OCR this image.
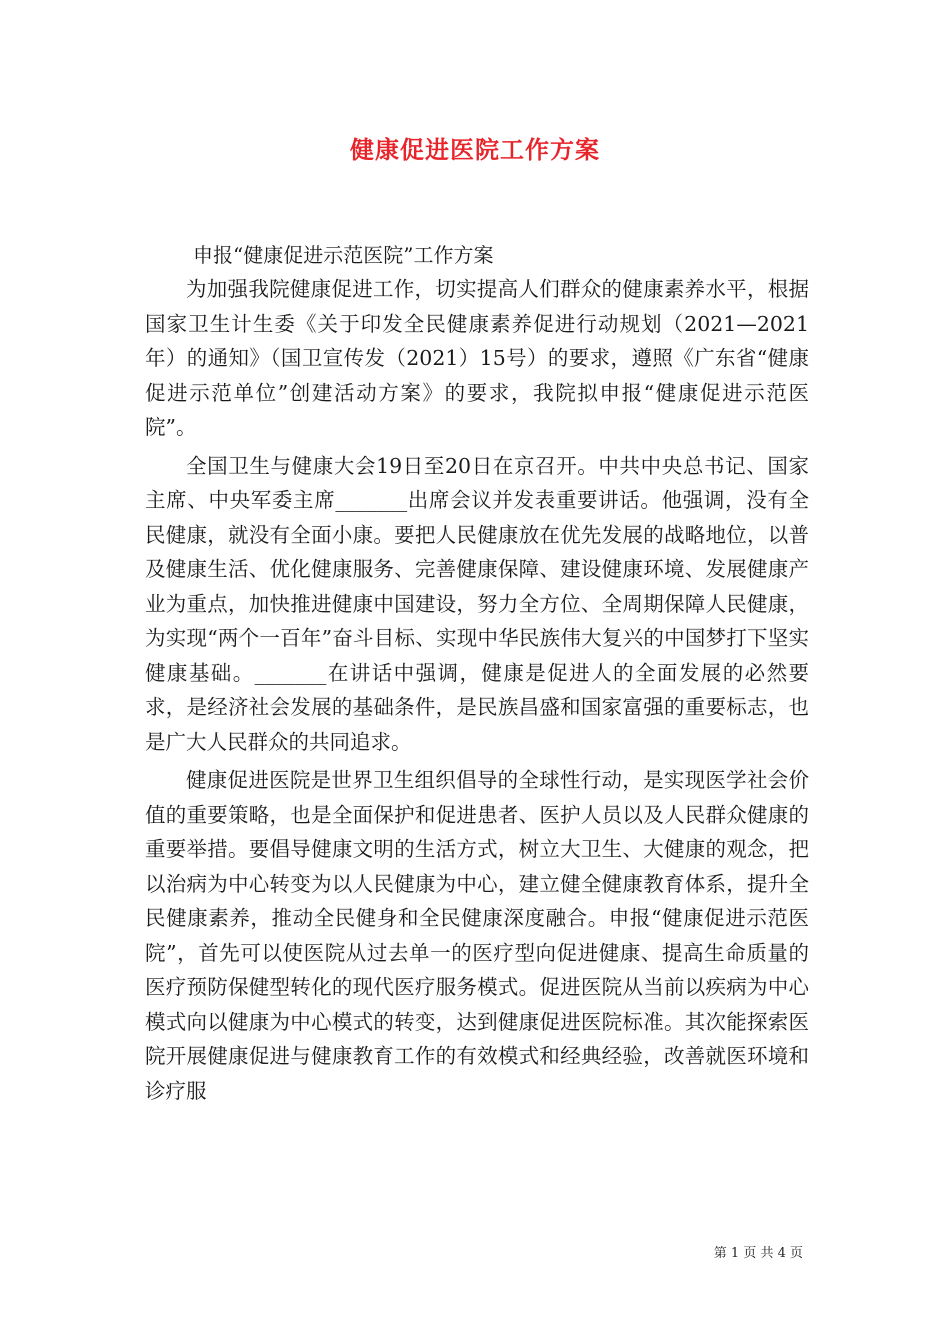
健康促进医院工作方案
申报“健康促进示范医院”工作方案

为加强我院健康促进工作，切实提高人们群众的健康素养水平，根据国家卫生计生委《关于印发全民健康素养促进行动规划（2021—2021年）的通知》（国卫宣传发（2021）15号）的要求，遵照《广东省“健康促进示范单位”创建活动方案》的要求，我院拟申报“健康促进示范医院”。

全国卫生与健康大会19日至20日在京召开。中共中央总书记、国家主席、中央军委主席_______出席会议并发表重要讲话。他强调，没有全民健康，就没有全面小康。要把人民健康放在优先发展的战略地位，以普及健康生活、优化健康服务、完善健康保障、建设健康环境、发展健康产业为重点，加快推进健康中国建设，努力全方位、全周期保障人民健康，为实现“两个一百年”奋斗目标、实现中华民族伟大复兴的中国梦打下坚实健康基础。_______在讲话中强调，健康是促进人的全面发展的必然要求，是经济社会发展的基础条件，是民族昌盛和国家富强的重要标志，也是广大人民群众的共同追求。

健康促进医院是世界卫生组织倡导的全球性行动，是实现医学社会价值的重要策略，也是全面保护和促进患者、医护人员以及人民群众健康的重要举措。要倡导健康文明的生活方式，树立大卫生、大健康的观念，把以治病为中心转变为以人民健康为中心，建立健全健康教育体系，提升全民健康素养，推动全民健身和全民健康深度融合。申报“健康促进示范医院”，首先可以使医院从过去单一的医疗型向促进健康、提高生命质量的医疗预防保健型转化的现代医疗服务模式。促进医院从当前以疾病为中心模式向以健康为中心模式的转变，达到健康促进医院标准。其次能探索医院开展健康促进与健康教育工作的有效模式和经典经验，改善就医环境和诊疗服

第 1 页 共 4 页
